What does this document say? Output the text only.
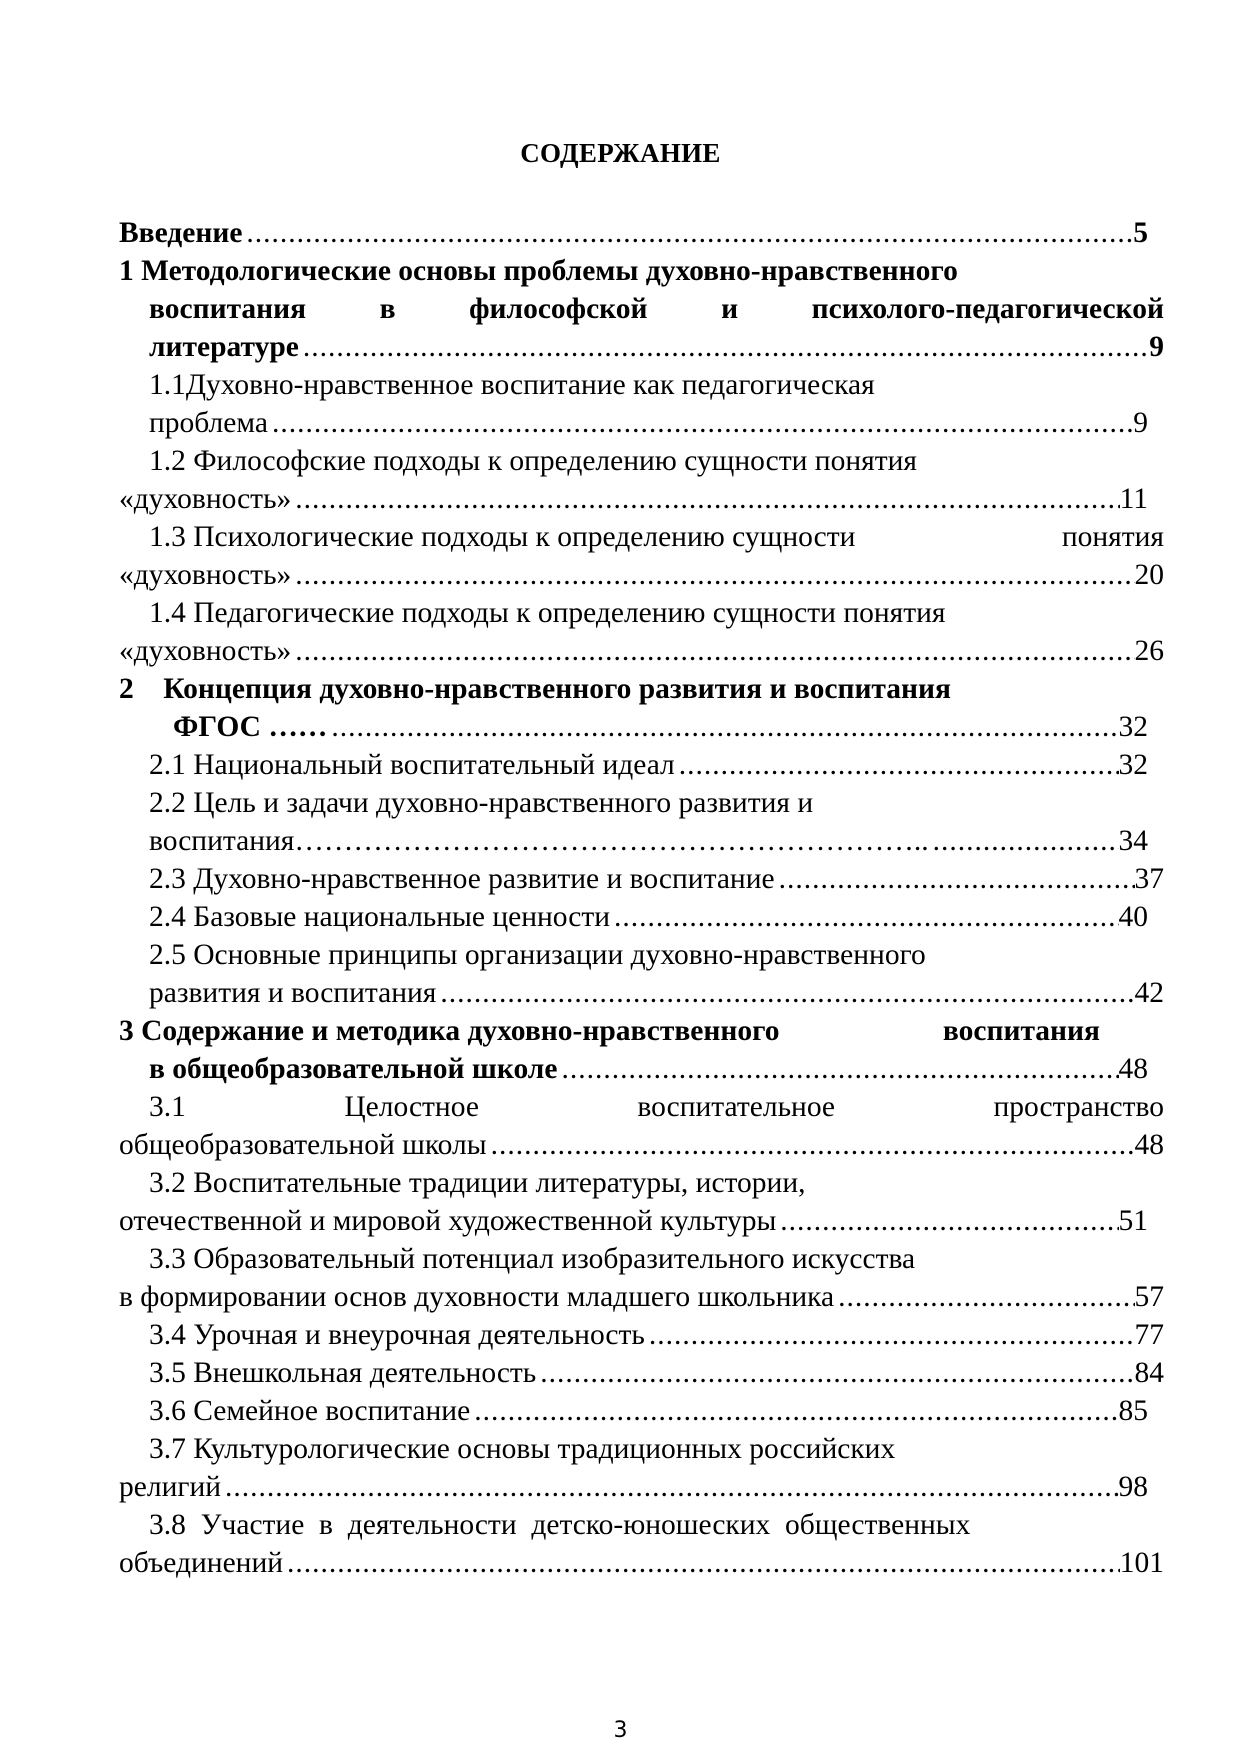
СОДЕРЖАНИЕ
Введение .....	5
1 Методологические основы проблемы духовно-нравственного
воспитания в философской и психолого-педагогической
литературе .....	9
1.1Духовно-нравственное воспитание как педагогическая
проблема .....	9
1.2 Философские подходы к определению сущности понятия
«духовность» .....	11
1.3 Психологические подходы к определению сущности	понятия
«духовность» .....	20
1.4 Педагогические подходы к определению сущности понятия
«духовность» .....	26
2    Концепция духовно-нравственного развития и воспитания
ФГОС …… .....	32
2.1 Национальный воспитательный идеал .....	32
2.2 Цель и задачи духовно-нравственного развития и
воспитания……………………………………………………….. .....	34
2.3 Духовно-нравственное развитие и воспитание .....	37
2.4 Базовые национальные ценности .....	40
2.5 Основные принципы организации духовно-нравственного
развития и воспитания .....	42
3 Содержание и методика духовно-нравственного	воспитания
в общеобразовательной школе .....	48
3.1	Целостное	воспитательное	пространство
общеобразовательной школы .....	48
3.2 Воспитательные традиции литературы, истории,
отечественной и мировой художественной культуры .....	51
3.3 Образовательный потенциал изобразительного искусства
в формировании основ духовности младшего школьника .....	57
3.4 Урочная и внеурочная деятельность .....	77
3.5 Внешкольная деятельность .....	84
3.6 Семейное воспитание .....	85
3.7 Культурологические основы традиционных российских
религий .....	98
3.8  Участие  в  деятельности  детско-юношеских  общественных
объединений .....	101
3
